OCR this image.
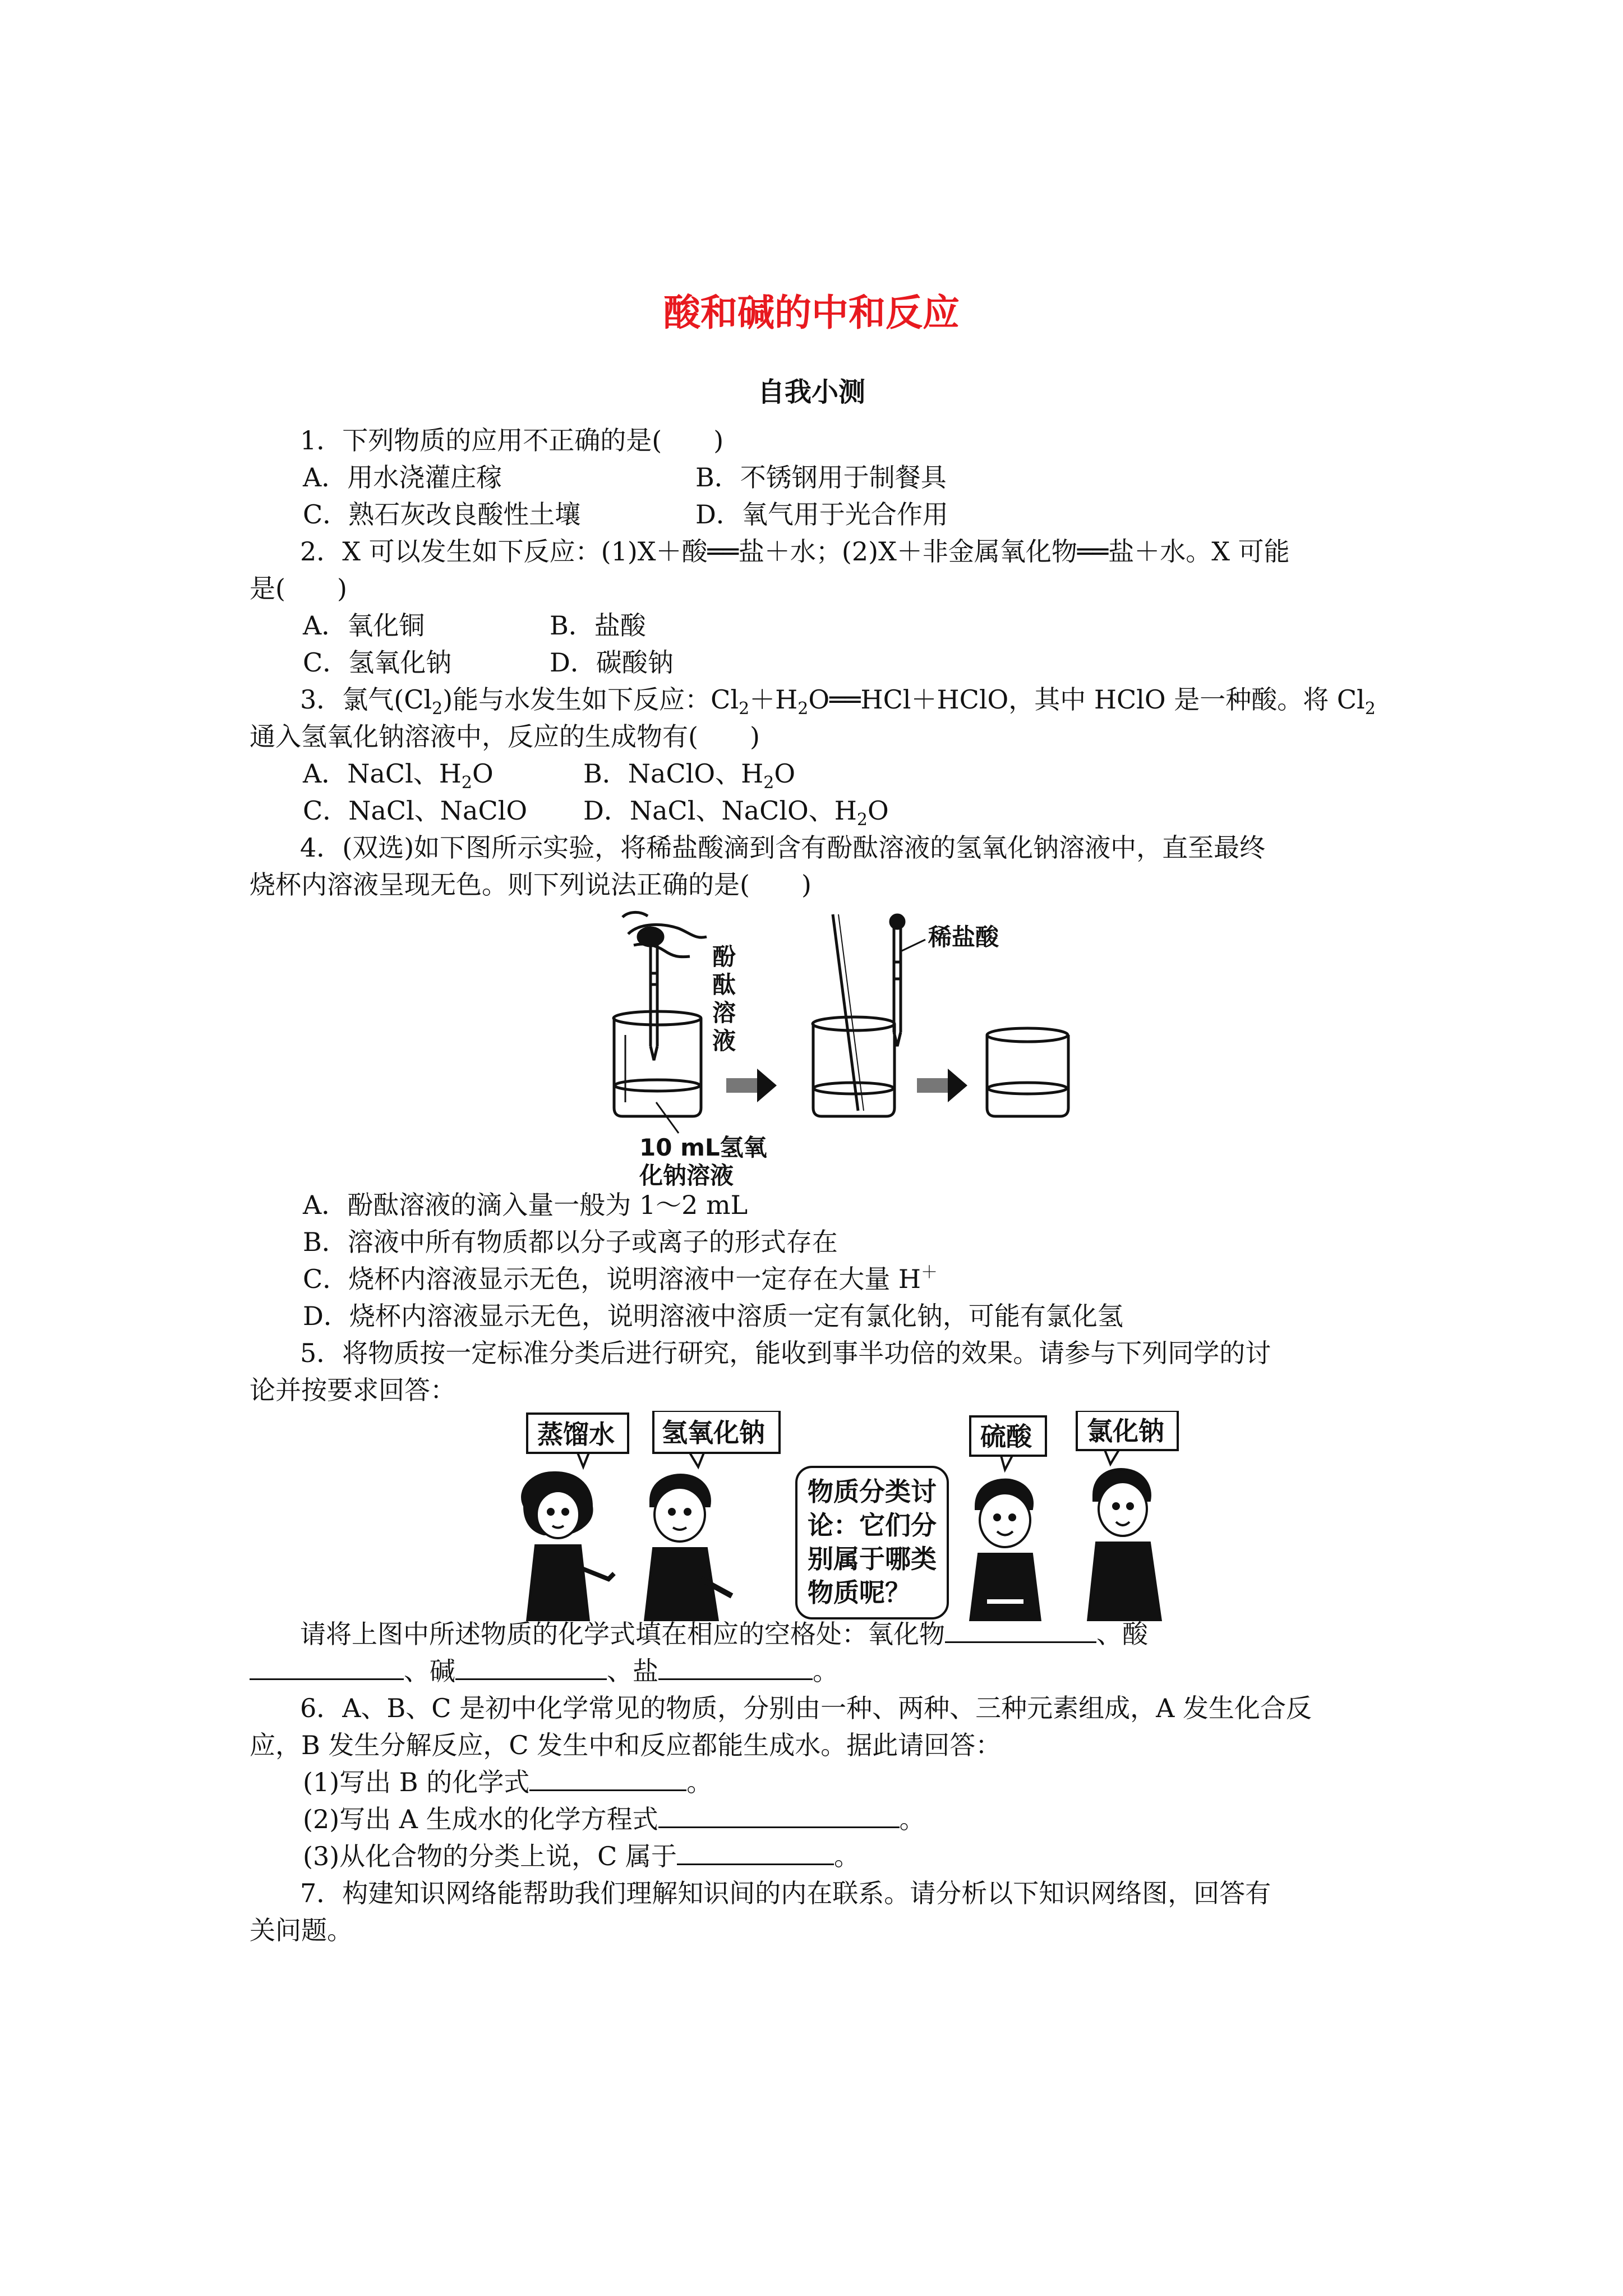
酸和碱的中和反应
自我小测
1．下列物质的应用不正确的是(　　)
A．用水浇灌庄稼	B．不锈钢用于制餐具
C．熟石灰改良酸性土壤	D．氧气用于光合作用
2．X 可以发生如下反应：(1)X＋酸══盐＋水；(2)X＋非金属氧化物══盐＋水。X 可能
是(　　)
A．氧化铜	B．盐酸
C．氢氧化钠	D．碳酸钠
3．氯气$(Cl_2)$能与水发生如下反应：$Cl_2+H_2O══HCl+HClO$，其中 HClO 是一种酸。将 $Cl_2$
通入氢氧化钠溶液中，反应的生成物有(　　)
A．NaCl、$H_2O$	B．NaClO、$H_2O$
C．NaCl、NaClO D．NaCl、NaClO、$H_2O$
4．(双选)如下图所示实验，将稀盐酸滴到含有酚酞溶液的氢氧化钠溶液中，直至最终
烧杯内溶液呈现无色。则下列说法正确的是(　　)
酚
酞
溶
液
10 mL氢氧
化钠溶液
稀盐酸
A．酚酞溶液的滴入量一般为 1～2 mL
B．溶液中所有物质都以分子或离子的形式存在
C．烧杯内溶液显示无色，说明溶液中一定存在大量 H＋
D．烧杯内溶液显示无色，说明溶液中溶质一定有氯化钠，可能有氯化氢
5．将物质按一定标准分类后进行研究，能收到事半功倍的效果。请参与下列同学的讨
论并按要求回答：
蒸馏水 氢氧化钠	硫酸 氯化钠
物质分类讨
论：它们分
别属于哪类
物质呢？
请将上图中所述物质的化学式填在相应的空格处：氧化物	、酸
、碱	、盐	。
6．A、B、C 是初中化学常见的物质，分别由一种、两种、三种元素组成，A 发生化合反
应，B 发生分解反应，C 发生中和反应都能生成水。据此请回答：
(1)写出 B 的化学式	。
(2)写出 A 生成水的化学方程式	。
(3)从化合物的分类上说，C 属于	。
7．构建知识网络能帮助我们理解知识间的内在联系。请分析以下知识网络图，回答有
关问题。
